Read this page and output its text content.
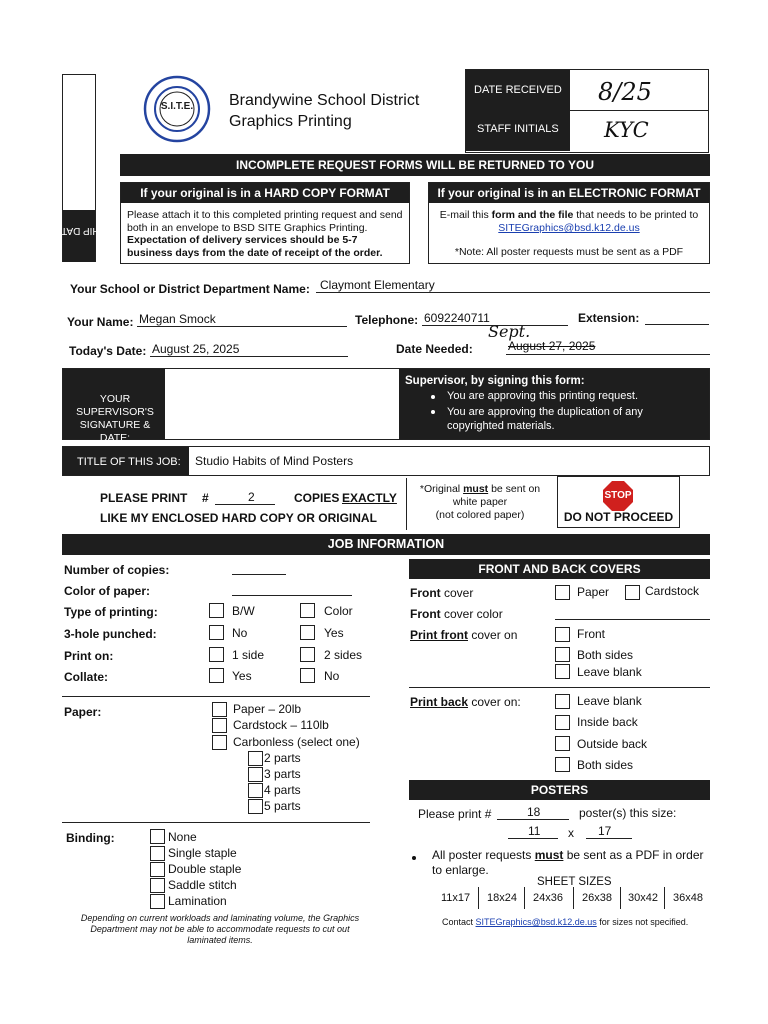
SHIP DATE:
S.I.T.E.	Brandywine School District
Graphics Printing
DATE RECEIVED
STAFF INITIALS
8/25
KYC
INCOMPLETE REQUEST FORMS WILL BE RETURNED TO YOU
If your original is in a HARD COPY FORMAT
Please attach it to this completed printing request and send both in an envelope to BSD SITE Graphics Printing. Expectation of delivery services should be 5-7 business days from the date of receipt of the order.
If your original is in an ELECTRONIC FORMAT
E-mail this form and the file that needs to be printed to
SITEGraphics@bsd.k12.de.us
*Note: All poster requests must be sent as a PDF
Your School or District Department Name: Claymont Elementary
Your Name: Megan Smock	Telephone: 6092240711	Extension:
Today's Date: August 25, 2025	Date Needed:	August 27, 2025
Sept.
YOUR SUPERVISOR'S SIGNATURE & DATE:
Supervisor, by signing this form:
You are approving this printing request.
You are approving the duplication of any copyrighted materials.
TITLE OF THIS JOB: Studio Habits of Mind Posters
PLEASE PRINT #	2	COPIES EXACTLY
LIKE MY ENCLOSED HARD COPY OR ORIGINAL
*Original must be sent on
white paper
(not colored paper)
STOP
DO NOT PROCEED
JOB INFORMATION
Number of copies:
Color of paper:
Type of printing:	B/W	Color
3-hole punched:	No	Yes
Print on:	1 side	2 sides
Collate:	Yes	No
Paper:	Paper – 20lb
Cardstock – 110lb
Carbonless (select one)
2 parts
3 parts
4 parts
5 parts
Binding:	None
Single staple
Double staple
Saddle stitch
Lamination
Depending on current workloads and laminating volume, the Graphics Department may not be able to accommodate requests to cut out laminated items.
FRONT AND BACK COVERS
Front cover	Paper	Cardstock
Front cover color
Print front cover on	Front
Both sides
Leave blank
Print back cover on:	Leave blank
Inside back
Outside back
Both sides
POSTERS
Please print #	18	poster(s) this size:
11 x 17
All poster requests must be sent as a PDF in order to enlarge.
SHEET SIZES
11x17 18x24 24x36 26x38 30x42 36x48
Contact SITEGraphics@bsd.k12.de.us for sizes not specified.
